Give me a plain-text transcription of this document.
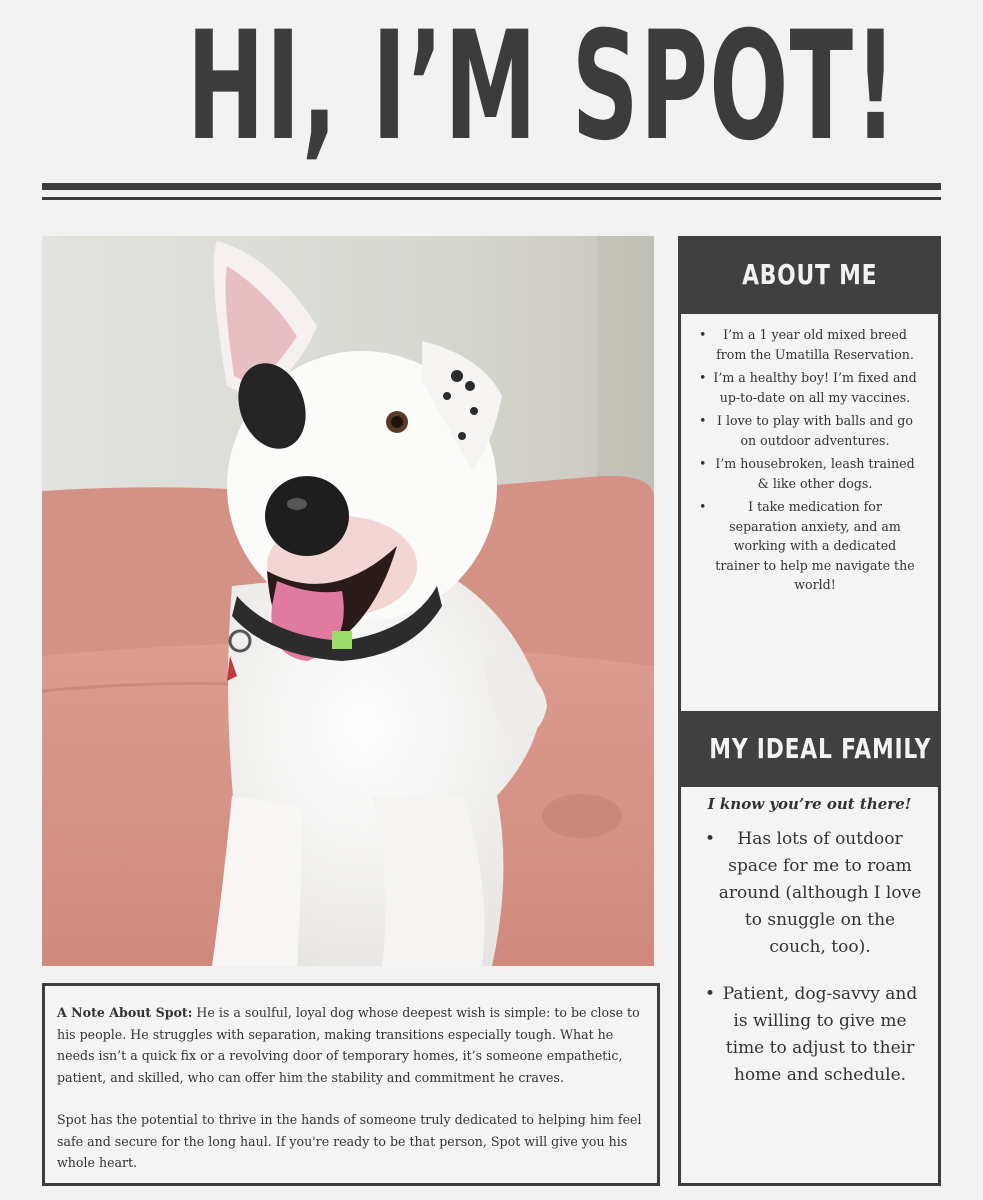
HI, I’M SPOT!

A Note About Spot: He is a soulful, loyal dog whose deepest wish is simple: to be close to his people. He struggles with separation, making transitions especially tough. What he needs isn’t a quick fix or a revolving door of temporary homes, it’s someone empathetic, patient, and skilled, who can offer him the stability and commitment he craves.

Spot has the potential to thrive in the hands of someone truly dedicated to helping him feel safe and secure for the long haul. If you're ready to be that person, Spot will give you his whole heart.

ABOUT ME
• I’m a 1 year old mixed breed from the Umatilla Reservation.
• I’m a healthy boy! I’m fixed and up-to-date on all my vaccines.
• I love to play with balls and go on outdoor adventures.
• I’m housebroken, leash trained & like other dogs.
• I take medication for separation anxiety, and am working with a dedicated trainer to help me navigate the world!
MY IDEAL FAMILY
I know you’re out there!
• Has lots of outdoor space for me to roam around (although I love to snuggle on the couch, too).
• Patient, dog-savvy and is willing to give me time to adjust to their home and schedule.
